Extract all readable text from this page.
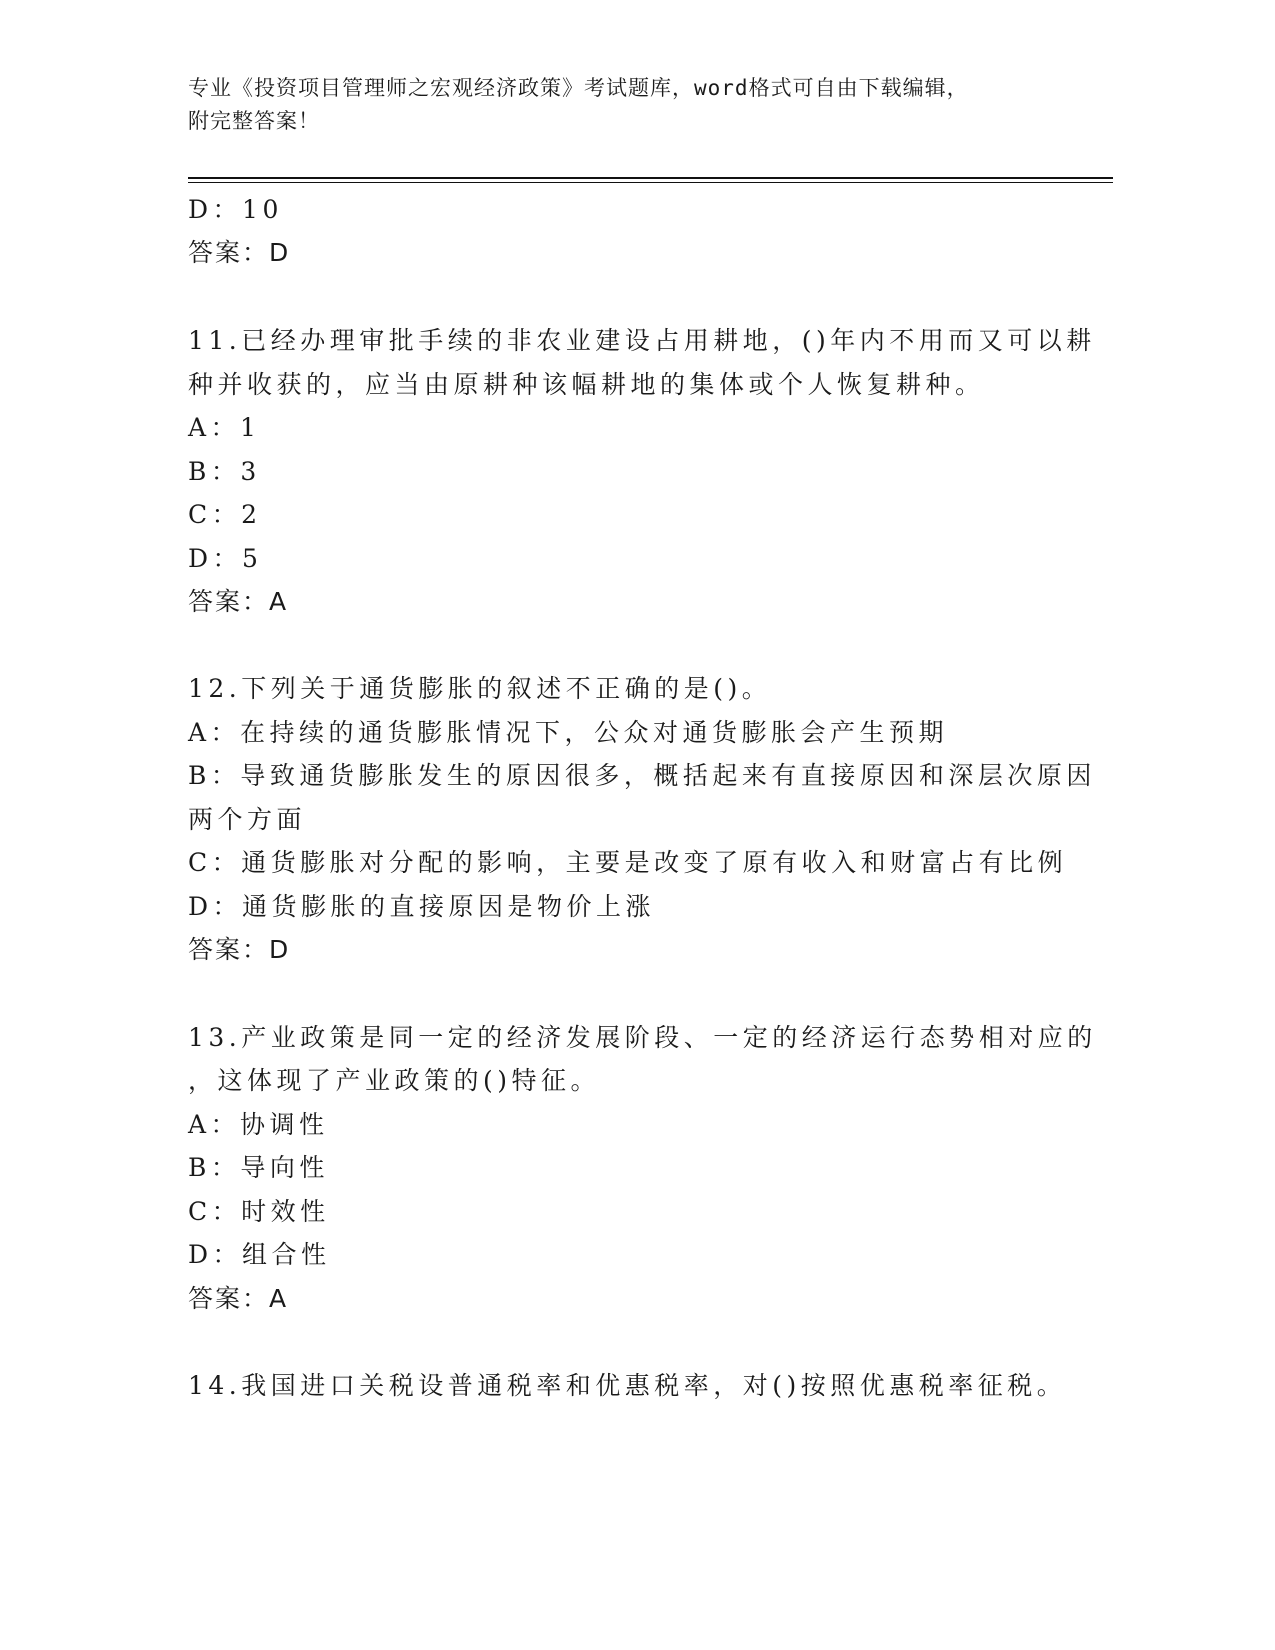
专业《投资项目管理师之宏观经济政策》考试题库，word格式可自由下载编辑，
附完整答案！
D：10
答案：D
11.已经办理审批手续的非农业建设占用耕地，()年内不用而又可以耕
种并收获的，应当由原耕种该幅耕地的集体或个人恢复耕种。
A：1
B：3
C：2
D：5
答案：A
12.下列关于通货膨胀的叙述不正确的是()。
A：在持续的通货膨胀情况下，公众对通货膨胀会产生预期
B：导致通货膨胀发生的原因很多，概括起来有直接原因和深层次原因
两个方面
C：通货膨胀对分配的影响，主要是改变了原有收入和财富占有比例
D：通货膨胀的直接原因是物价上涨
答案：D
13.产业政策是同一定的经济发展阶段、一定的经济运行态势相对应的
，这体现了产业政策的()特征。
A：协调性
B：导向性
C：时效性
D：组合性
答案：A
14.我国进口关税设普通税率和优惠税率，对()按照优惠税率征税。
